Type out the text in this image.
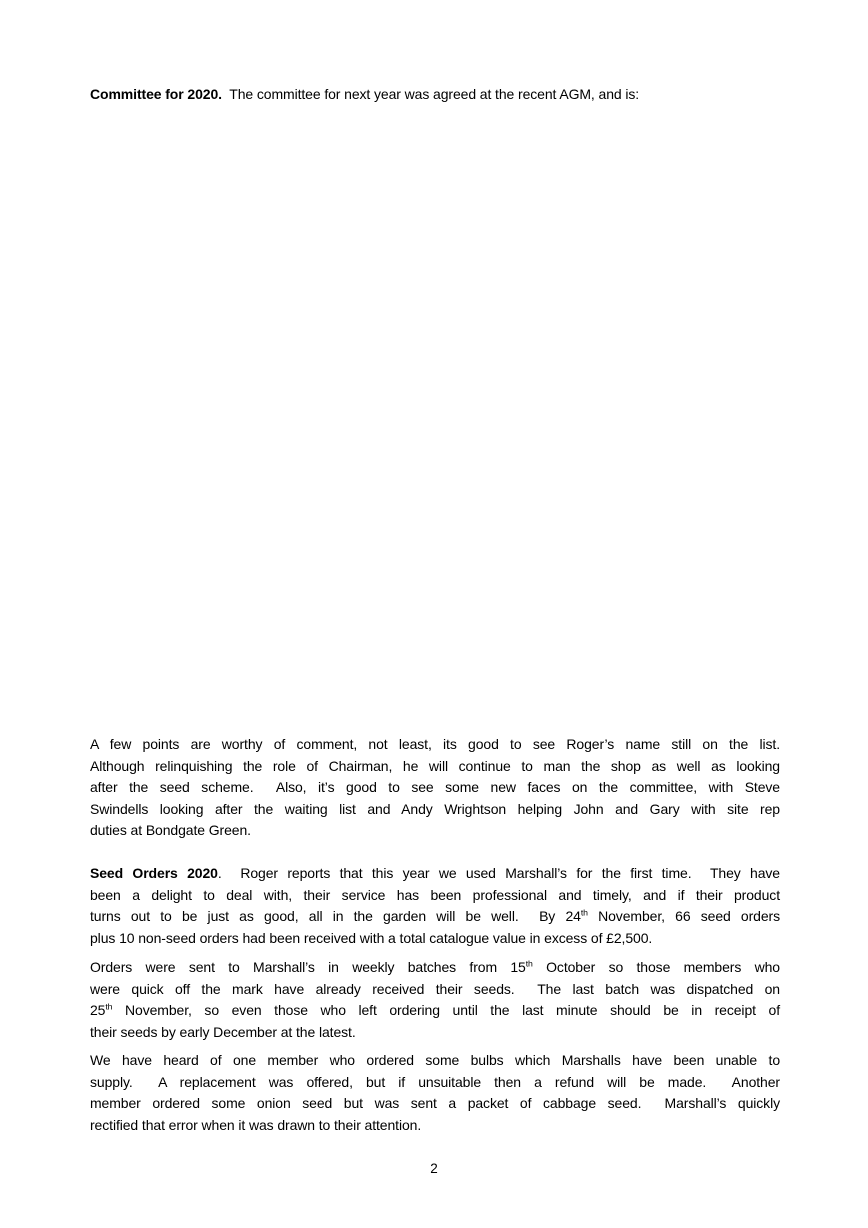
Committee for 2020.  The committee for next year was agreed at the recent AGM, and is:
A few points are worthy of comment, not least, its good to see Roger’s name still on the list.
Although relinquishing the role of Chairman, he will continue to man the shop as well as looking
after the seed scheme.  Also, it’s good to see some new faces on the committee, with Steve
Swindells looking after the waiting list and Andy Wrightson helping John and Gary with site rep
duties at Bondgate Green.
Seed Orders 2020.  Roger reports that this year we used Marshall’s for the first time.  They have
been a delight to deal with, their service has been professional and timely, and if their product
turns out to be just as good, all in the garden will be well.  By 24th November, 66 seed orders
plus 10 non-seed orders had been received with a total catalogue value in excess of £2,500.
Orders were sent to Marshall’s in weekly batches from 15th October so those members who
were quick off the mark have already received their seeds.  The last batch was dispatched on
25th November, so even those who left ordering until the last minute should be in receipt of
their seeds by early December at the latest.
We have heard of one member who ordered some bulbs which Marshalls have been unable to
supply.  A replacement was offered, but if unsuitable then a refund will be made.  Another
member ordered some onion seed but was sent a packet of cabbage seed.  Marshall’s quickly
rectified that error when it was drawn to their attention.
2
